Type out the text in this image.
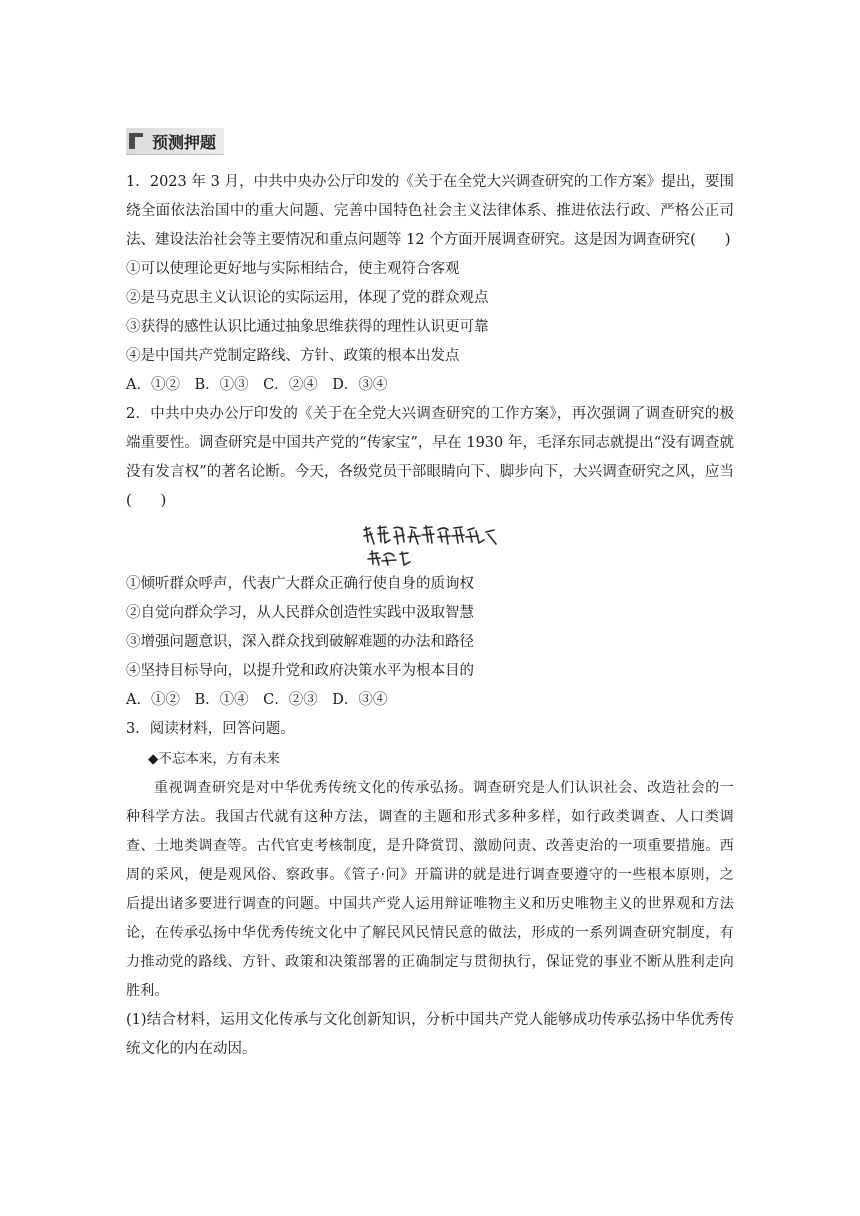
预测押题

1．2023 年 3 月，中共中央办公厅印发的《关于在全党大兴调查研究的工作方案》提出，要围绕全面依法治国中的重大问题、完善中国特色社会主义法律体系、推进依法行政、严格公正司法、建设法治社会等主要情况和重点问题等 12 个方面开展调查研究。这是因为调查研究(　　)

①可以使理论更好地与实际相结合，使主观符合客观

②是马克思主义认识论的实际运用，体现了党的群众观点

③获得的感性认识比通过抽象思维获得的理性认识更可靠

④是中国共产党制定路线、方针、政策的根本出发点

A．①②　B．①③　C．②④　D．③④

2．中共中央办公厅印发的《关于在全党大兴调查研究的工作方案》，再次强调了调查研究的极端重要性。调查研究是中国共产党的“传家宝”，早在 1930 年，毛泽东同志就提出“没有调查就没有发言权”的著名论断。今天，各级党员干部眼睛向下、脚步向下，大兴调查研究之风，应当(　　)

①倾听群众呼声，代表广大群众正确行使自身的质询权

②自觉向群众学习，从人民群众创造性实践中汲取智慧

③增强问题意识，深入群众找到破解难题的办法和路径

④坚持目标导向，以提升党和政府决策水平为根本目的

A．①②　B．①④　C．②③　D．③④

3．阅读材料，回答问题。

◆不忘本来，方有未来

重视调查研究是对中华优秀传统文化的传承弘扬。调查研究是人们认识社会、改造社会的一种科学方法。我国古代就有这种方法，调查的主题和形式多种多样，如行政类调查、人口类调查、土地类调查等。古代官吏考核制度，是升降赏罚、激励问责、改善吏治的一项重要措施。西周的采风，便是观风俗、察政事。《管子·问》开篇讲的就是进行调查要遵守的一些根本原则，之后提出诸多要进行调查的问题。中国共产党人运用辩证唯物主义和历史唯物主义的世界观和方法论，在传承弘扬中华优秀传统文化中了解民风民情民意的做法，形成的一系列调查研究制度，有力推动党的路线、方针、政策和决策部署的正确制定与贯彻执行，保证党的事业不断从胜利走向胜利。

(1)结合材料，运用文化传承与文化创新知识，分析中国共产党人能够成功传承弘扬中华优秀传统文化的内在动因。
